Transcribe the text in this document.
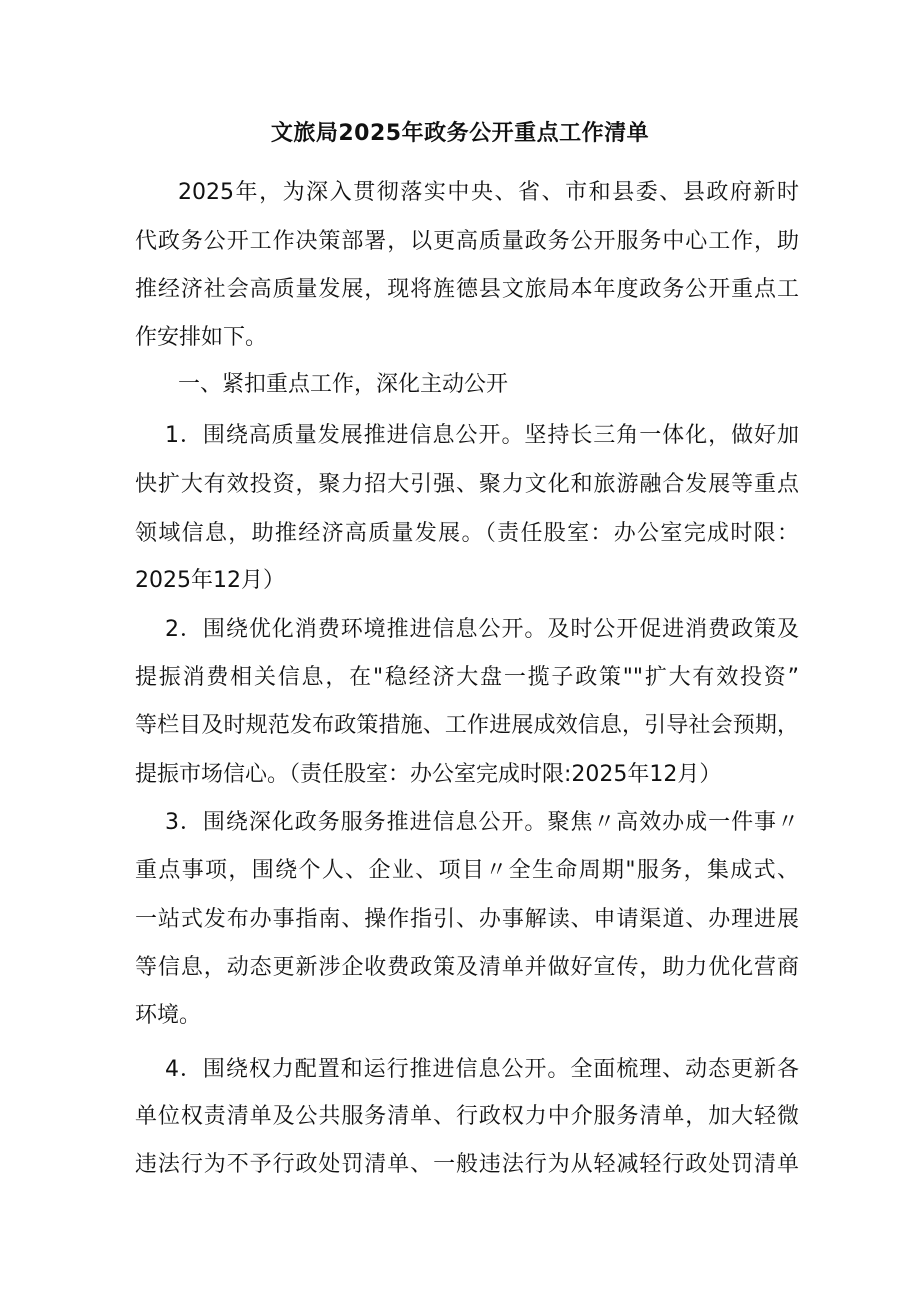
文旅局2025年政务公开重点工作清单
2025年，为深入贯彻落实中央、省、市和县委、县政府新时
代政务公开工作决策部署，以更高质量政务公开服务中心工作，助
推经济社会高质量发展，现将旌德县文旅局本年度政务公开重点工
作安排如下。
一、紧扣重点工作，深化主动公开
1．围绕高质量发展推进信息公开。坚持长三角一体化，做好加
快扩大有效投资，聚力招大引强、聚力文化和旅游融合发展等重点
领域信息，助推经济高质量发展。（责任股室：办公室完成时限：
2025年12月）
2．围绕优化消费环境推进信息公开。及时公开促进消费政策及
提振消费相关信息，在"稳经济大盘一揽子政策""扩大有效投资”
等栏目及时规范发布政策措施、工作进展成效信息，引导社会预期，
提振市场信心。（责任股室：办公室完成时限:2025年12月）
3．围绕深化政务服务推进信息公开。聚焦〃高效办成一件事〃
重点事项，围绕个人、企业、项目〃全生命周期"服务，集成式、
一站式发布办事指南、操作指引、办事解读、申请渠道、办理进展
等信息，动态更新涉企收费政策及清单并做好宣传，助力优化营商
环境。
4．围绕权力配置和运行推进信息公开。全面梳理、动态更新各
单位权责清单及公共服务清单、行政权力中介服务清单，加大轻微
违法行为不予行政处罚清单、一般违法行为从轻减轻行政处罚清单
